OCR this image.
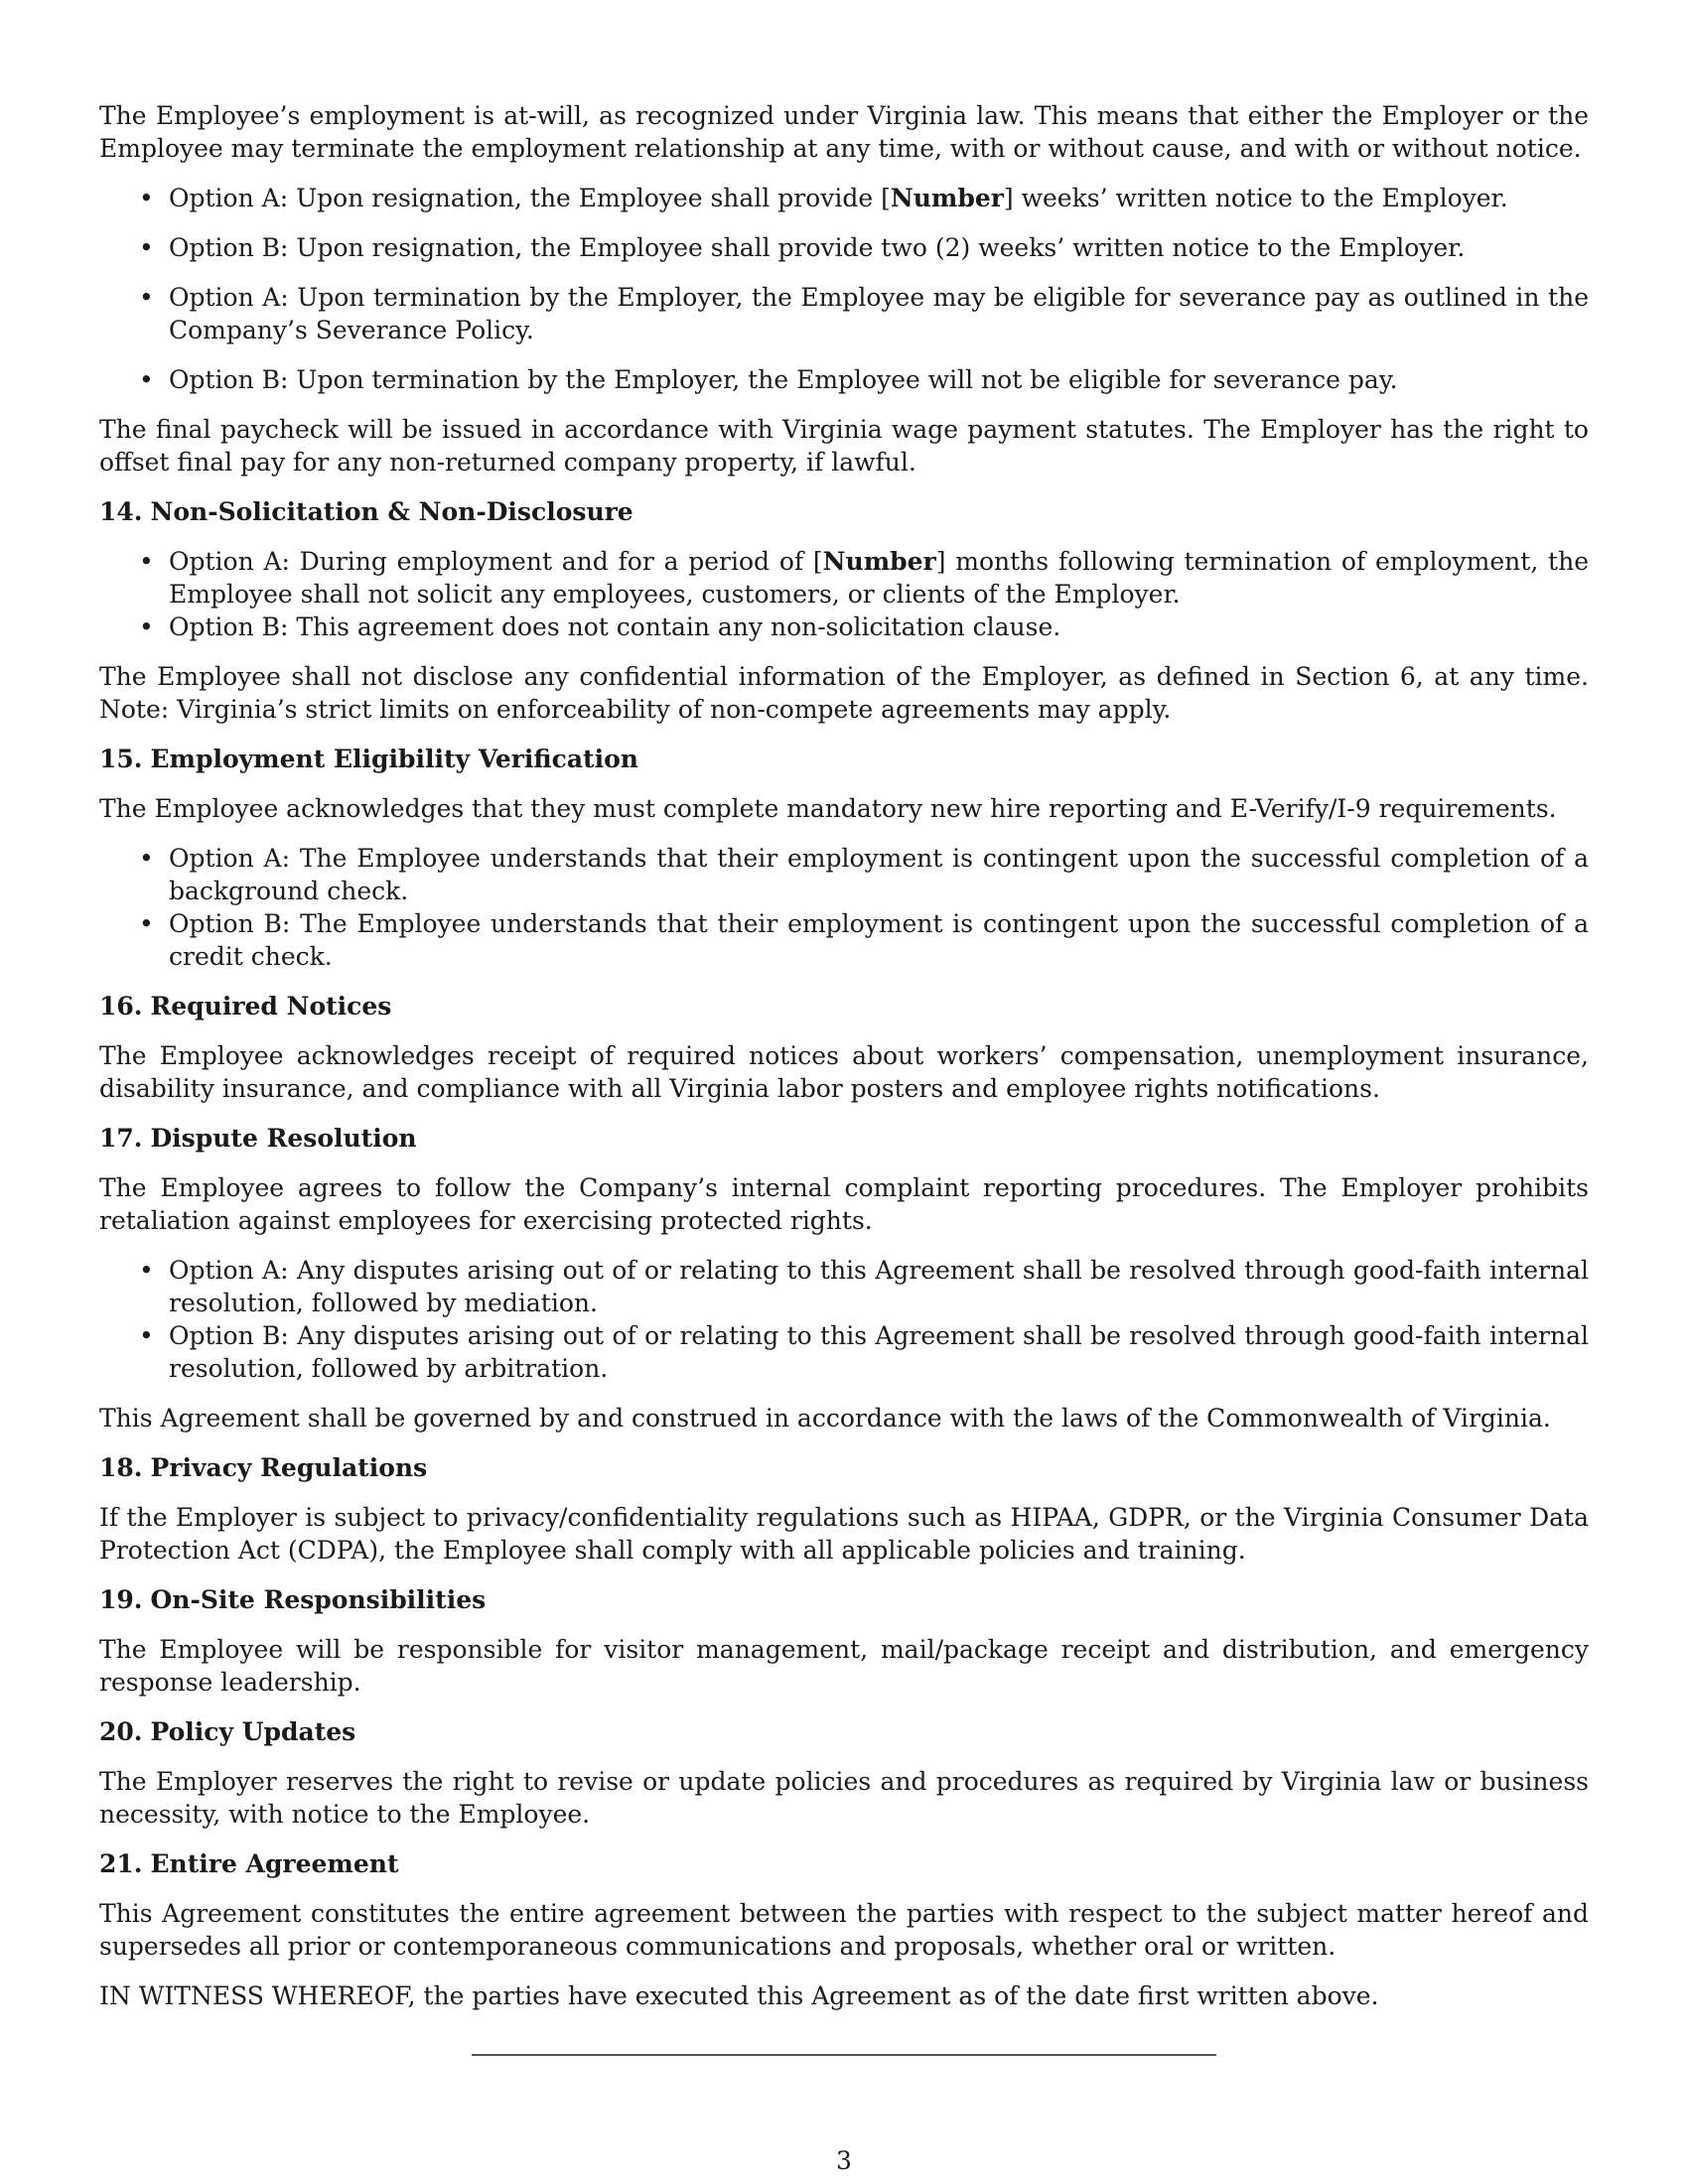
The Employee’s employment is at-will, as recognized under Virginia law. This means that either the Employer or the Employee may terminate the employment relationship at any time, with or without cause, and with or without notice.

• Option A: Upon resignation, the Employee shall provide [Number] weeks’ written notice to the Employer.
• Option B: Upon resignation, the Employee shall provide two (2) weeks’ written notice to the Employer.
• Option A: Upon termination by the Employer, the Employee may be eligible for severance pay as outlined in the Company’s Severance Policy.
• Option B: Upon termination by the Employer, the Employee will not be eligible for severance pay.

The final paycheck will be issued in accordance with Virginia wage payment statutes. The Employer has the right to offset final pay for any non-returned company property, if lawful.

14. Non-Solicitation & Non-Disclosure
• Option A: During employment and for a period of [Number] months following termination of employment, the Employee shall not solicit any employees, customers, or clients of the Employer.
• Option B: This agreement does not contain any non-solicitation clause.

The Employee shall not disclose any confidential information of the Employer, as defined in Section 6, at any time. Note: Virginia’s strict limits on enforceability of non-compete agreements may apply.

15. Employment Eligibility Verification

The Employee acknowledges that they must complete mandatory new hire reporting and E-Verify/I-9 requirements.

• Option A: The Employee understands that their employment is contingent upon the successful completion of a background check.
• Option B: The Employee understands that their employment is contingent upon the successful completion of a credit check.
16. Required Notices

The Employee acknowledges receipt of required notices about workers’ compensation, unemployment insurance, disability insurance, and compliance with all Virginia labor posters and employee rights notifications.

17. Dispute Resolution

The Employee agrees to follow the Company’s internal complaint reporting procedures. The Employer prohibits retaliation against employees for exercising protected rights.

• Option A: Any disputes arising out of or relating to this Agreement shall be resolved through good-faith internal resolution, followed by mediation.
• Option B: Any disputes arising out of or relating to this Agreement shall be resolved through good-faith internal resolution, followed by arbitration.

This Agreement shall be governed by and construed in accordance with the laws of the Commonwealth of Virginia.

18. Privacy Regulations

If the Employer is subject to privacy/confidentiality regulations such as HIPAA, GDPR, or the Virginia Consumer Data Protection Act (CDPA), the Employee shall comply with all applicable policies and training.

19. On-Site Responsibilities

The Employee will be responsible for visitor management, mail/package receipt and distribution, and emergency response leadership.

20. Policy Updates

The Employer reserves the right to revise or update policies and procedures as required by Virginia law or business necessity, with notice to the Employee.

21. Entire Agreement

This Agreement constitutes the entire agreement between the parties with respect to the subject matter hereof and supersedes all prior or contemporaneous communications and proposals, whether oral or written.

IN WITNESS WHEREOF, the parties have executed this Agreement as of the date first written above.

3
